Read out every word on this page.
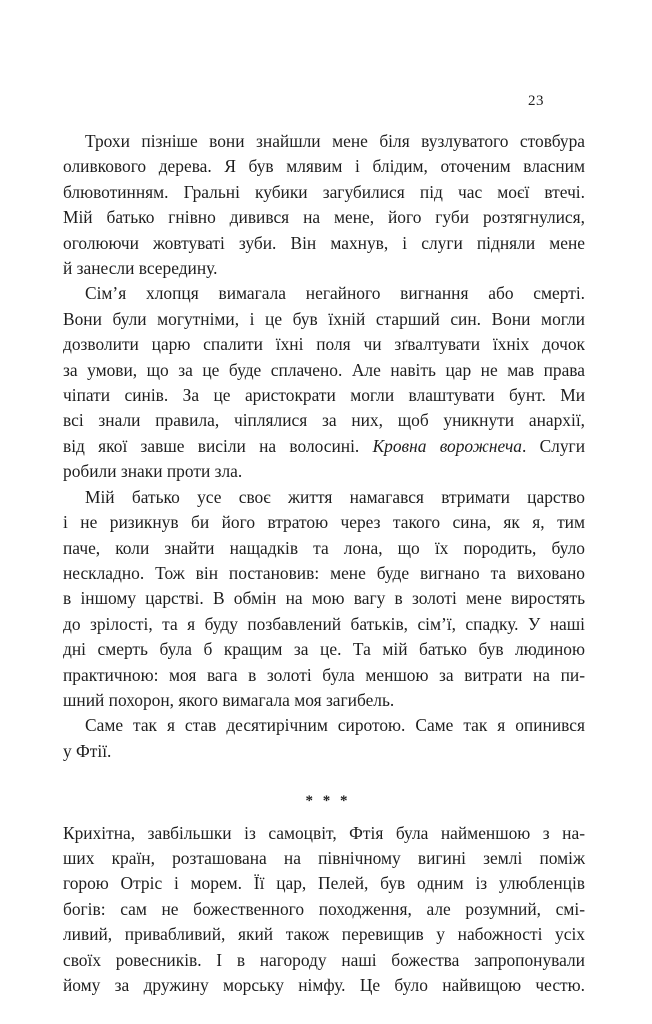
23
Трохи пізніше вони знайшли мене біля вузлуватого стовбура
оливкового дерева. Я був млявим і блідим, оточеним власним
блювотинням. Гральні кубики загубилися під час моєї втечі.
Мій батько гнівно дивився на мене, його губи розтягнулися,
оголюючи жовтуваті зуби. Він махнув, і слуги підняли мене
й занесли всередину.
Сім’я хлопця вимагала негайного вигнання або смерті.
Вони були могутніми, і це був їхній старший син. Вони могли
дозволити царю спалити їхні поля чи зґвалтувати їхніх дочок
за умови, що за це буде сплачено. Але навіть цар не мав права
чіпати синів. За це аристократи могли влаштувати бунт. Ми
всі знали правила, чіплялися за них, щоб уникнути анархії,
від якої завше висіли на волосині. Кровна ворожнеча. Слуги
робили знаки проти зла.
Мій батько усе своє життя намагався втримати царство
і не ризикнув би його втратою через такого сина, як я, тим
паче, коли знайти нащадків та лона, що їх породить, було
нескладно. Тож він постановив: мене буде вигнано та виховано
в іншому царстві. В обмін на мою вагу в золоті мене виростять
до зрілості, та я буду позбавлений батьків, сім’ї, спадку. У наші
дні смерть була б кращим за це. Та мій батько був людиною
практичною: моя вага в золоті була меншою за витрати на пи-
шний похорон, якого вимагала моя загибель.
Саме так я став десятирічним сиротою. Саме так я опинився
у Фтії.
* * *
Крихітна, завбільшки із самоцвіт, Фтія була найменшою з на-
ших країн, розташована на північному вигині землі поміж
горою Отріс і морем. Її цар, Пелей, був одним із улюбленців
богів: сам не божественного походження, але розумний, смі-
ливий, привабливий, який також перевищив у набожності усіх
своїх ровесників. І в нагороду наші божества запропонували
йому за дружину морську німфу. Це було найвищою честю.
